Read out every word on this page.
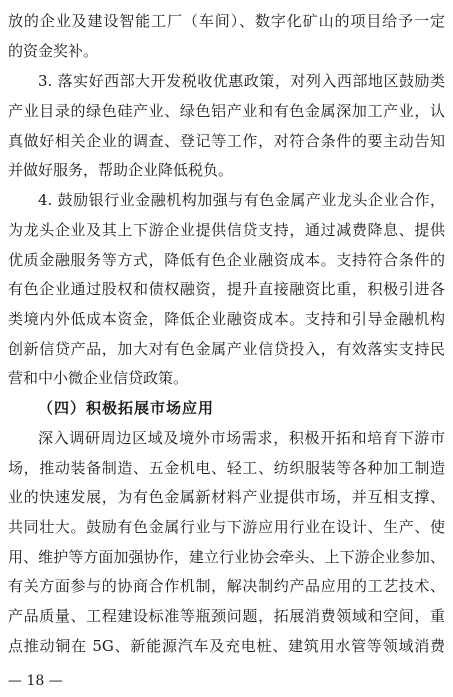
放的企业及建设智能工厂（车间）、数字化矿山的项目给予一定
的资金奖补。
3. 落实好西部大开发税收优惠政策，对列入西部地区鼓励类
产业目录的绿色硅产业、绿色铝产业和有色金属深加工产业，认
真做好相关企业的调查、登记等工作，对符合条件的要主动告知
并做好服务，帮助企业降低税负。
4. 鼓励银行业金融机构加强与有色金属产业龙头企业合作，
为龙头企业及其上下游企业提供信贷支持，通过减费降息、提供
优质金融服务等方式，降低有色企业融资成本。支持符合条件的
有色企业通过股权和债权融资，提升直接融资比重，积极引进各
类境内外低成本资金，降低企业融资成本。支持和引导金融机构
创新信贷产品，加大对有色金属产业信贷投入，有效落实支持民
营和中小微企业信贷政策。
（四）积极拓展市场应用
深入调研周边区域及境外市场需求，积极开拓和培育下游市
场，推动装备制造、五金机电、轻工、纺织服装等各种加工制造
业的快速发展，为有色金属新材料产业提供市场，并互相支撑、
共同壮大。鼓励有色金属行业与下游应用行业在设计、生产、使
用、维护等方面加强协作，建立行业协会牵头、上下游企业参加、
有关方面参与的协商合作机制，解决制约产品应用的工艺技术、
产品质量、工程建设标准等瓶颈问题，拓展消费领域和空间，重
点推动铜在 5G、新能源汽车及充电桩、建筑用水管等领域消费
— 18 —
